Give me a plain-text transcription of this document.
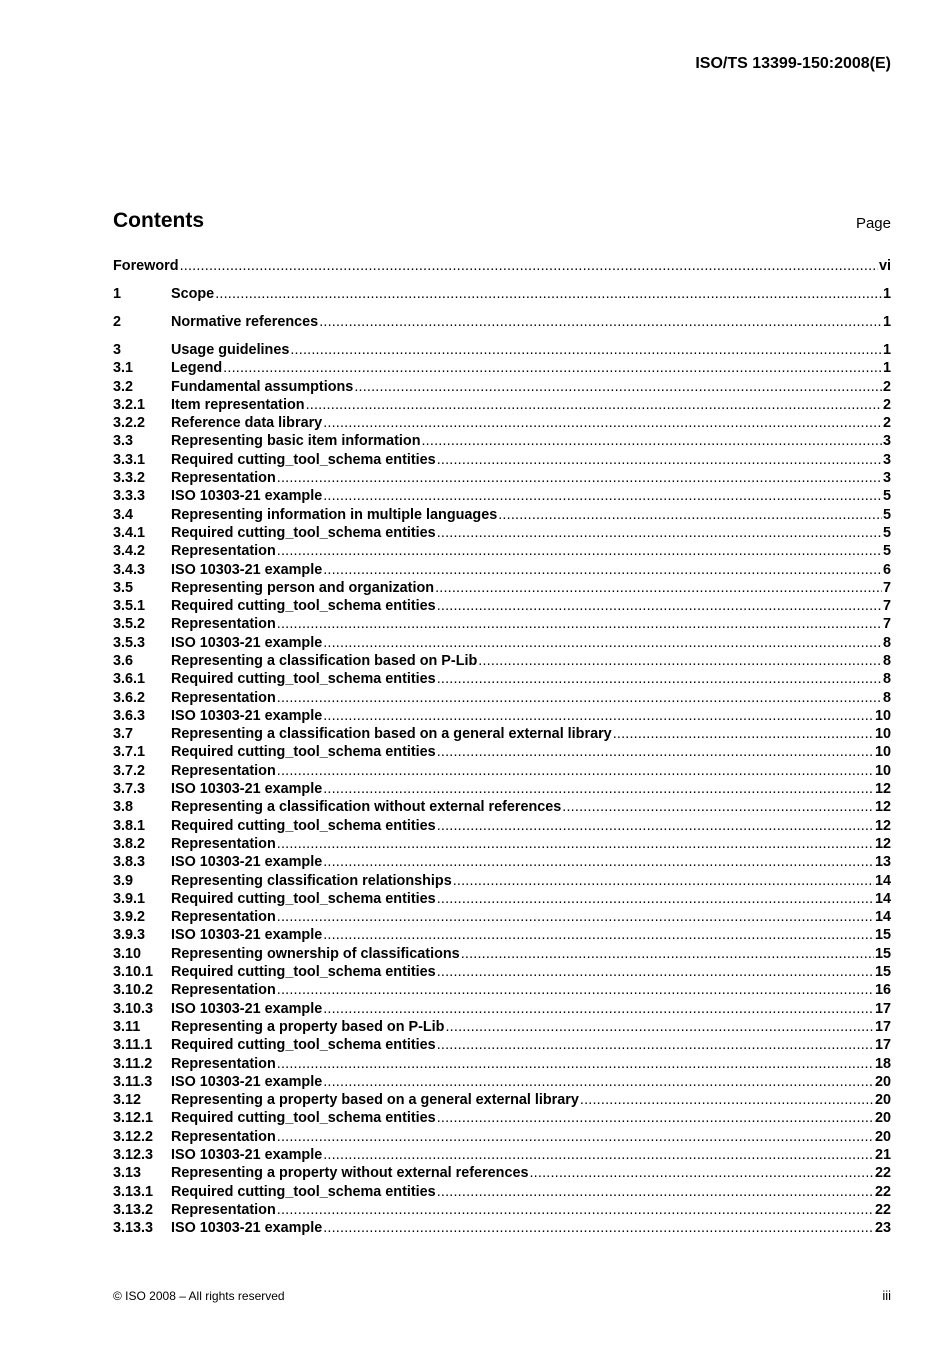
ISO/TS 13399-150:2008(E)
Contents	Page
Foreword .....	vi
1	Scope .....	1
2	Normative references .....	1
3	Usage guidelines .....	1
3.1	Legend .....	1
3.2	Fundamental assumptions .....	2
3.2.1	Item representation .....	2
3.2.2	Reference data library .....	2
3.3	Representing basic item information .....	3
3.3.1	Required cutting_tool_schema entities .....	3
3.3.2	Representation .....	3
3.3.3	ISO 10303-21 example .....	5
3.4	Representing information in multiple languages .....	5
3.4.1	Required cutting_tool_schema entities .....	5
3.4.2	Representation .....	5
3.4.3	ISO 10303-21 example .....	6
3.5	Representing person and organization .....	7
3.5.1	Required cutting_tool_schema entities .....	7
3.5.2	Representation .....	7
3.5.3	ISO 10303-21 example .....	8
3.6	Representing a classification based on P-Lib .....	8
3.6.1	Required cutting_tool_schema entities .....	8
3.6.2	Representation .....	8
3.6.3	ISO 10303-21 example .....	10
3.7	Representing a classification based on a general external library .....	10
3.7.1	Required cutting_tool_schema entities .....	10
3.7.2	Representation .....	10
3.7.3	ISO 10303-21 example .....	12
3.8	Representing a classification without external references .....	12
3.8.1	Required cutting_tool_schema entities .....	12
3.8.2	Representation .....	12
3.8.3	ISO 10303-21 example .....	13
3.9	Representing classification relationships .....	14
3.9.1	Required cutting_tool_schema entities .....	14
3.9.2	Representation .....	14
3.9.3	ISO 10303-21 example .....	15
3.10	Representing ownership of classifications .....	15
3.10.1	Required cutting_tool_schema entities .....	15
3.10.2	Representation .....	16
3.10.3	ISO 10303-21 example .....	17
3.11	Representing a property based on P-Lib .....	17
3.11.1	Required cutting_tool_schema entities .....	17
3.11.2	Representation .....	18
3.11.3	ISO 10303-21 example .....	20
3.12	Representing a property based on a general external library .....	20
3.12.1	Required cutting_tool_schema entities .....	20
3.12.2	Representation .....	20
3.12.3	ISO 10303-21 example .....	21
3.13	Representing a property without external references .....	22
3.13.1	Required cutting_tool_schema entities .....	22
3.13.2	Representation .....	22
3.13.3	ISO 10303-21 example .....	23
© ISO 2008 – All rights reserved	iii
